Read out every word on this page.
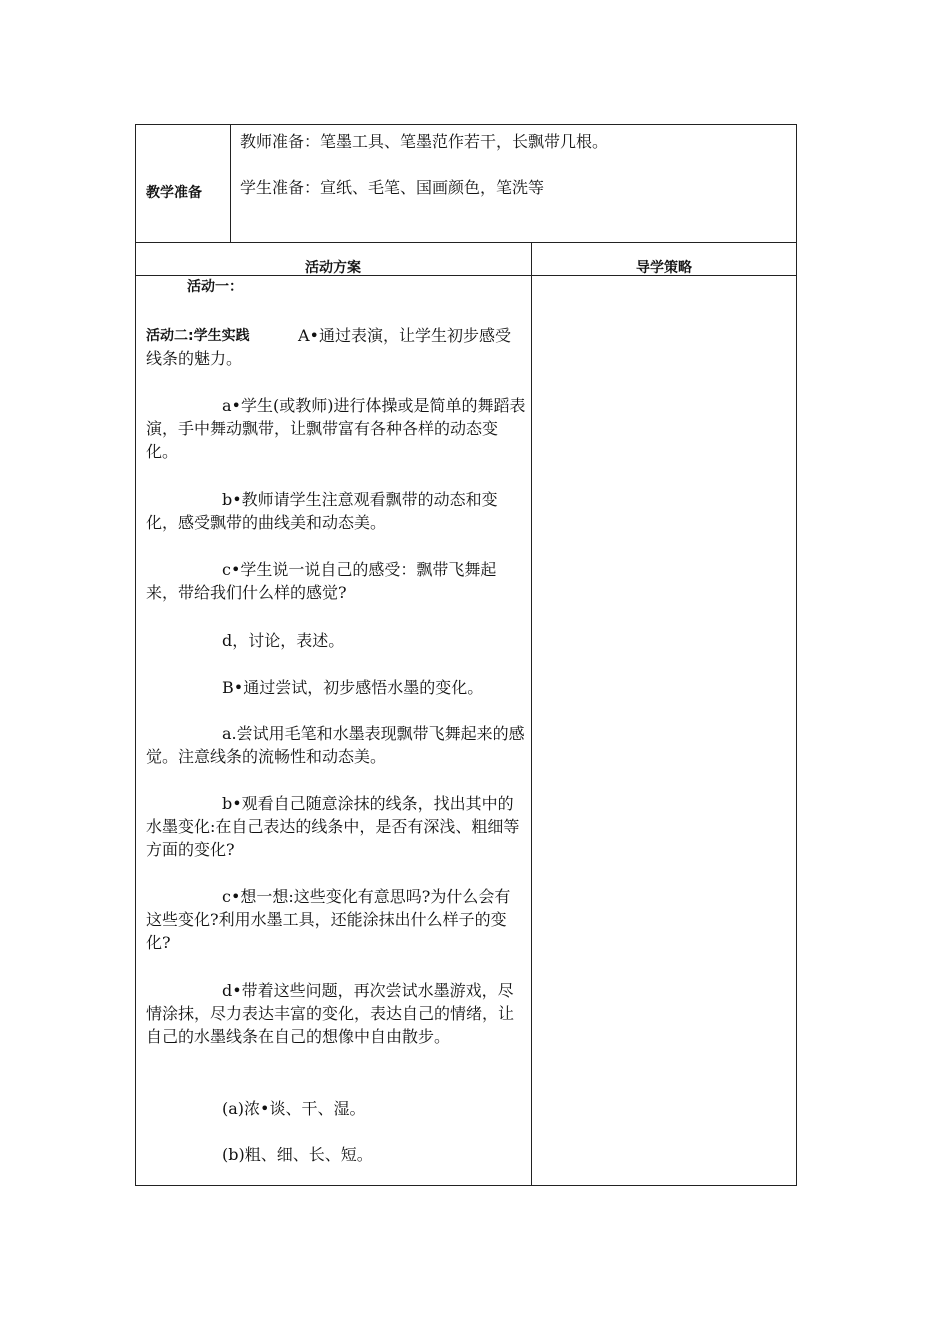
教学准备
教师准备：笔墨工具、笔墨范作若干，长飘带几根。
学生准备：宣纸、毛笔、国画颜色，笔洗等
活动方案	导学策略
活动一：
活动二:学生实践	A•通过表演，让学生初步感受线条的魅力。
a•学生(或教师)进行体操或是简单的舞蹈表演，手中舞动飘带，让飘带富有各种各样的动态变化。
b•教师请学生注意观看飘带的动态和变化，感受飘带的曲线美和动态美。
c•学生说一说自己的感受：飘带飞舞起来，带给我们什么样的感觉?
d，讨论，表述。
B•通过尝试，初步感悟水墨的变化。
a.尝试用毛笔和水墨表现飘带飞舞起来的感觉。注意线条的流畅性和动态美。
b•观看自己随意涂抹的线条，找出其中的水墨变化:在自己表达的线条中，是否有深浅、粗细等方面的变化?
c•想一想:这些变化有意思吗?为什么会有这些变化?利用水墨工具，还能涂抹出什么样子的变化?
d•带着这些问题，再次尝试水墨游戏，尽情涂抹，尽力表达丰富的变化，表达自己的情绪，让自己的水墨线条在自己的想像中自由散步。
(a)浓•谈、干、湿。
(b)粗、细、长、短。
